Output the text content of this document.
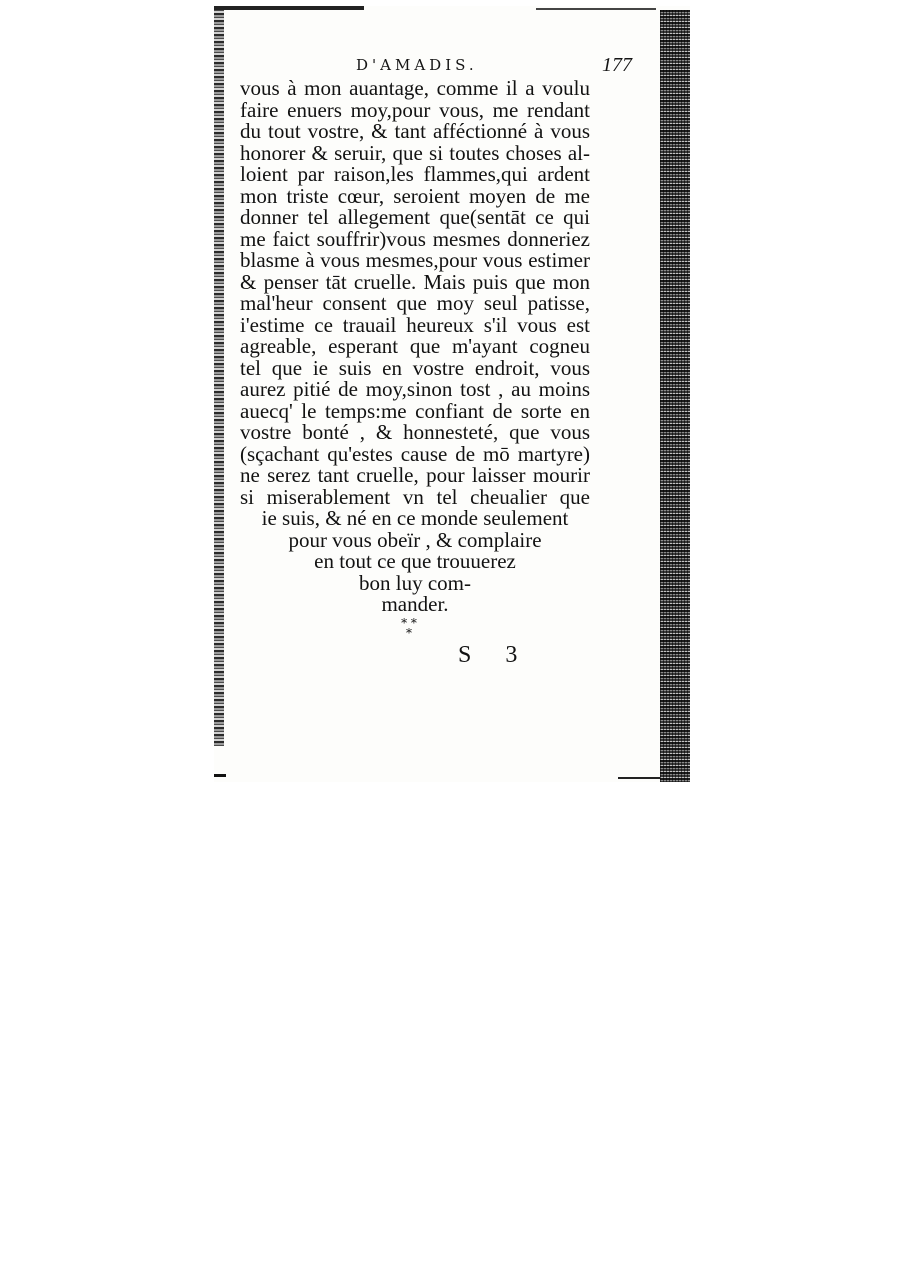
D'AMADIS.	177
vous à mon auantage, comme il a voulu
faire enuers moy,pour vous, me rendant
du tout vostre, & tant afféctionné à vous
honorer & seruir, que si toutes choses al-
loient par raison,les flammes,qui ardent
mon triste cœur, seroient moyen de me
donner tel allegement que(sentāt ce qui
me faict souffrir)vous mesmes donneriez
blasme à vous mesmes,pour vous estimer
& penser tāt cruelle. Mais puis que mon
mal'heur consent que moy seul patisse,
i'estime ce trauail heureux s'il vous est
agreable, esperant que m'ayant cogneu
tel que ie suis en vostre endroit, vous
aurez pitié de moy,sinon tost , au moins
auecq' le temps:me confiant de sorte en
vostre bonté , & honnesteté, que vous
(sçachant qu'estes cause de mō martyre)
ne serez tant cruelle, pour laisser mourir
si miserablement vn tel cheualier que
ie suis, & né en ce monde seulement
pour vous obeïr , & complaire
en tout ce que trouuerez
bon luy com-
mander.
* *
*
S 3
